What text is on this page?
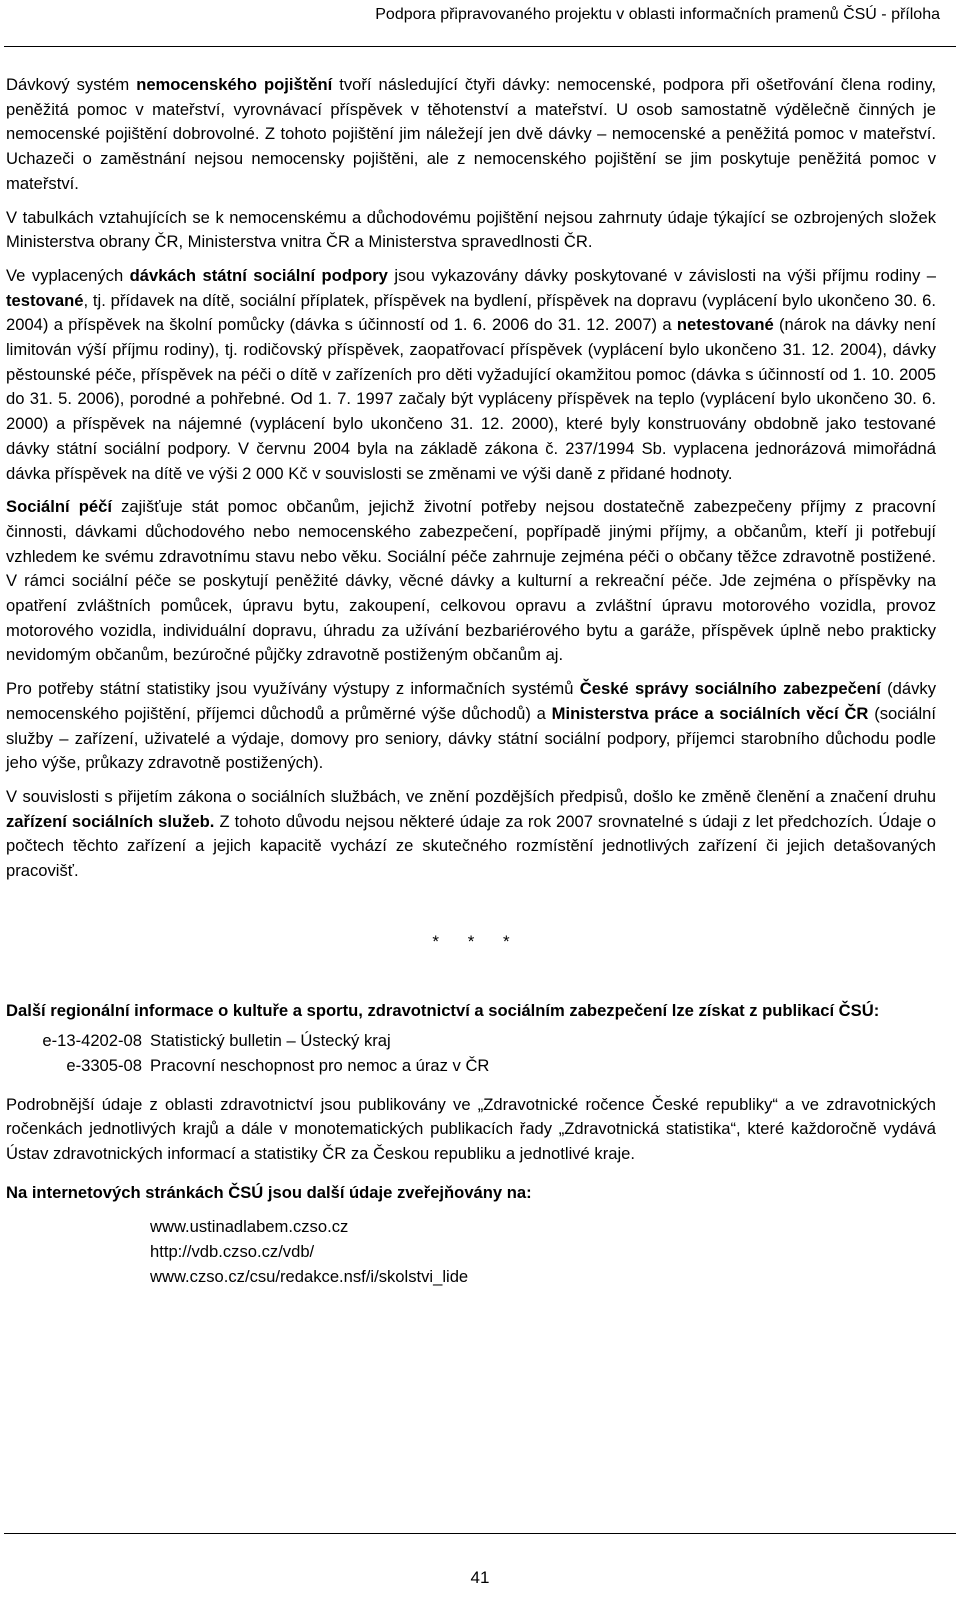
Podpora připravovaného projektu v oblasti informačních pramenů ČSÚ - příloha

Dávkový systém nemocenského pojištění tvoří následující čtyři dávky: nemocenské, podpora při ošetřování člena rodiny, peněžitá pomoc v mateřství, vyrovnávací příspěvek v těhotenství a mateřství. U osob samostatně výdělečně činných je nemocenské pojištění dobrovolné. Z tohoto pojištění jim náležejí jen dvě dávky – nemocenské a peněžitá pomoc v mateřství. Uchazeči o zaměstnání nejsou nemocensky pojištěni, ale z nemocenského pojištění se jim poskytuje peněžitá pomoc v mateřství.

V tabulkách vztahujících se k nemocenskému a důchodovému pojištění nejsou zahrnuty údaje týkající se ozbrojených složek Ministerstva obrany ČR, Ministerstva vnitra ČR a Ministerstva spravedlnosti ČR.

Ve vyplacených dávkách státní sociální podpory jsou vykazovány dávky poskytované v závislosti na výši příjmu rodiny – testované, tj. přídavek na dítě, sociální příplatek, příspěvek na bydlení, příspěvek na dopravu (vyplácení bylo ukončeno 30. 6. 2004) a příspěvek na školní pomůcky (dávka s účinností od 1. 6. 2006 do 31. 12. 2007) a netestované (nárok na dávky není limitován výší příjmu rodiny), tj. rodičovský příspěvek, zaopatřovací příspěvek (vyplácení bylo ukončeno 31. 12. 2004), dávky pěstounské péče, příspěvek na péči o dítě v zařízeních pro děti vyžadující okamžitou pomoc (dávka s účinností od 1. 10. 2005 do 31. 5. 2006), porodné a pohřebné. Od 1. 7. 1997 začaly být vypláceny příspěvek na teplo (vyplácení bylo ukončeno 30. 6. 2000) a příspěvek na nájemné (vyplácení bylo ukončeno 31. 12. 2000), které byly konstruovány obdobně jako testované dávky státní sociální podpory. V červnu 2004 byla na základě zákona č. 237/1994 Sb. vyplacena jednorázová mimořádná dávka příspěvek na dítě ve výši 2 000 Kč v souvislosti se změnami ve výši daně z přidané hodnoty.

Sociální péčí zajišťuje stát pomoc občanům, jejichž životní potřeby nejsou dostatečně zabezpečeny příjmy z pracovní činnosti, dávkami důchodového nebo nemocenského zabezpečení, popřípadě jinými příjmy, a občanům, kteří ji potřebují vzhledem ke svému zdravotnímu stavu nebo věku. Sociální péče zahrnuje zejména péči o občany těžce zdravotně postižené. V rámci sociální péče se poskytují peněžité dávky, věcné dávky a kulturní a rekreační péče. Jde zejména o příspěvky na opatření zvláštních pomůcek, úpravu bytu, zakoupení, celkovou opravu a zvláštní úpravu motorového vozidla, provoz motorového vozidla, individuální dopravu, úhradu za užívání bezbariérového bytu a garáže, příspěvek úplně nebo prakticky nevidomým občanům, bezúročné půjčky zdravotně postiženým občanům aj.

Pro potřeby státní statistiky jsou využívány výstupy z informačních systémů České správy sociálního zabezpečení (dávky nemocenského pojištění, příjemci důchodů a průměrné výše důchodů) a Ministerstva práce a sociálních věcí ČR (sociální služby – zařízení, uživatelé a výdaje, domovy pro seniory, dávky státní sociální podpory, příjemci starobního důchodu podle jeho výše, průkazy zdravotně postižených).

V souvislosti s přijetím zákona o sociálních službách, ve znění pozdějších předpisů, došlo ke změně členění a značení druhu zařízení sociálních služeb. Z tohoto důvodu nejsou některé údaje za rok 2007 srovnatelné s údaji z let předchozích. Údaje o počtech těchto zařízení a jejich kapacitě vychází ze skutečného rozmístění jednotlivých zařízení či jejich detašovaných pracovišť.

* * *

Další regionální informace o kultuře a sportu, zdravotnictví a sociálním zabezpečení lze získat z publikací ČSÚ:

e-13-4202-08 Statistický bulletin – Ústecký kraj
e-3305-08 Pracovní neschopnost pro nemoc a úraz v ČR

Podrobnější údaje z oblasti zdravotnictví jsou publikovány ve „Zdravotnické ročence České republiky“ a ve zdravotnických ročenkách jednotlivých krajů a dále v monotematických publikacích řady „Zdravotnická statistika“, které každoročně vydává Ústav zdravotnických informací a statistiky ČR za Českou republiku a jednotlivé kraje.

Na internetových stránkách ČSÚ jsou další údaje zveřejňovány na:

www.ustinadlabem.czso.cz
http://vdb.czso.cz/vdb/
www.czso.cz/csu/redakce.nsf/i/skolstvi_lide
41
